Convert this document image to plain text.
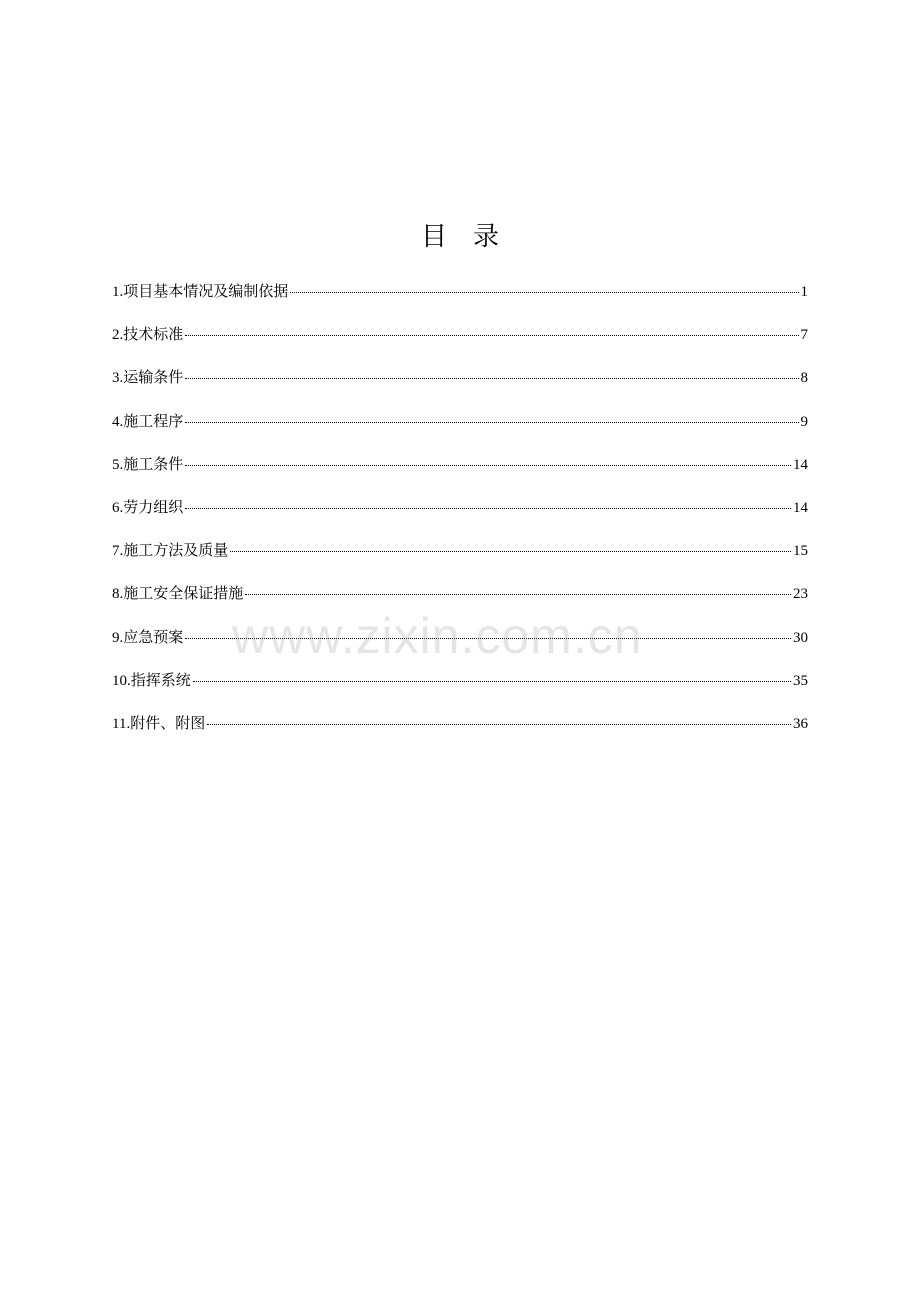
目 录
1. 项目基本情况及编制依据	1
2. 技术标准	7
3. 运输条件	8
4. 施工程序	9
5. 施工条件	14
6. 劳力组织	14
7. 施工方法及质量	15
8. 施工安全保证措施	23
9. 应急预案	30
10. 指挥系统	35
11. 附件、附图	36
www.zixin.com.cn
